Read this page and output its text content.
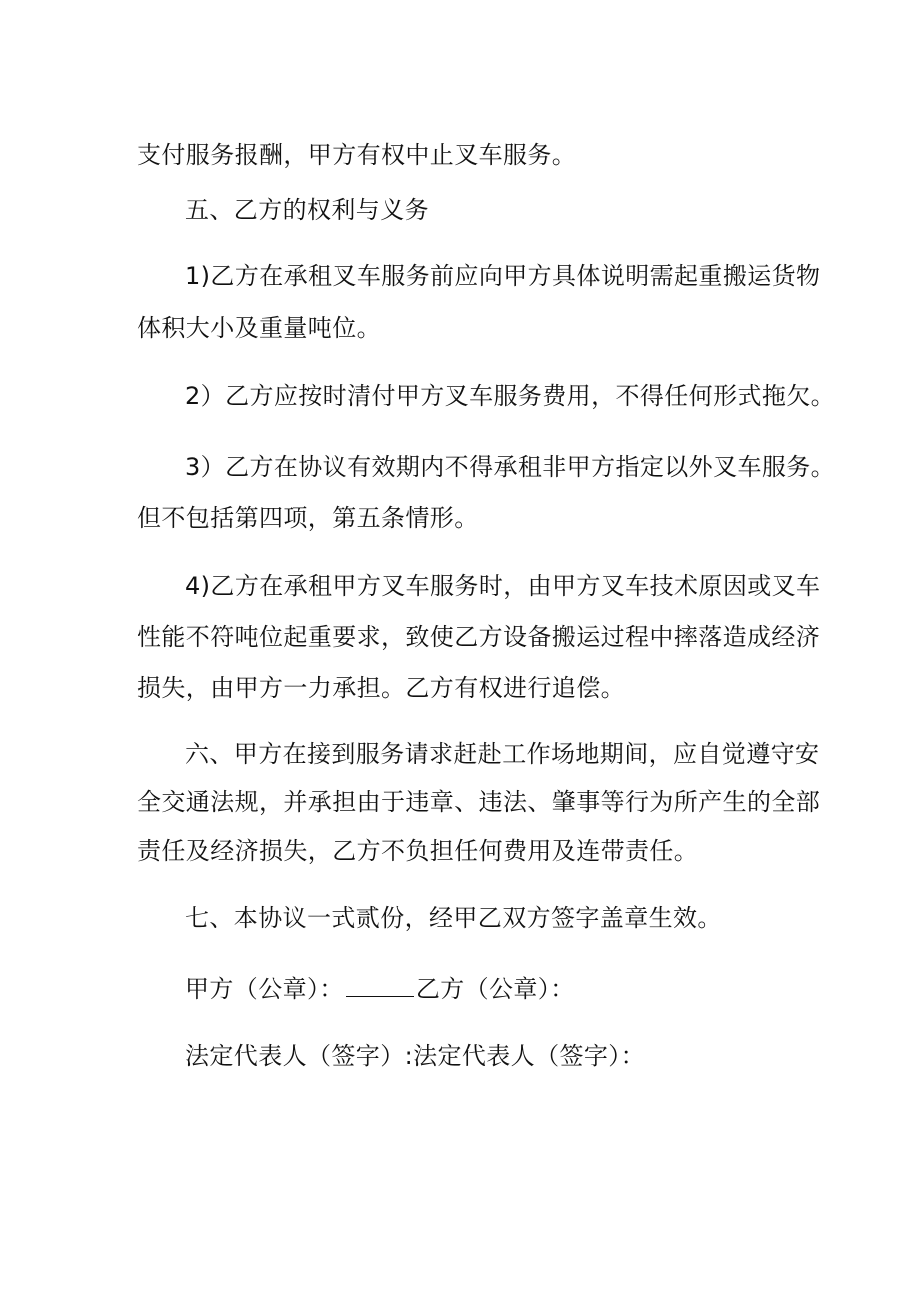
支付服务报酬，甲方有权中止叉车服务。
五、乙方的权利与义务
1)乙方在承租叉车服务前应向甲方具体说明需起重搬运货物
体积大小及重量吨位。
2）乙方应按时清付甲方叉车服务费用，不得任何形式拖欠。
3）乙方在协议有效期内不得承租非甲方指定以外叉车服务。
但不包括第四项，第五条情形。
4)乙方在承租甲方叉车服务时，由甲方叉车技术原因或叉车
性能不符吨位起重要求，致使乙方设备搬运过程中摔落造成经济
损失，由甲方一力承担。乙方有权进行追偿。
六、甲方在接到服务请求赶赴工作场地期间，应自觉遵守安
全交通法规，并承担由于违章、违法、肇事等行为所产生的全部
责任及经济损失，乙方不负担任何费用及连带责任。
七、本协议一式贰份，经甲乙双方签字盖章生效。
甲方（公章）：	乙方（公章）：
法定代表人（签字）:法定代表人（签字）：
